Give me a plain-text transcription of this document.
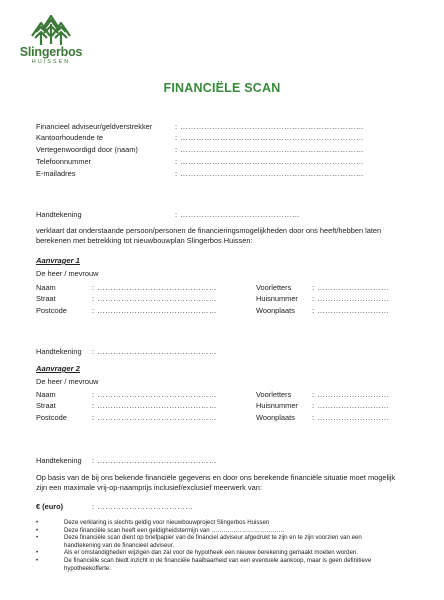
Slingerbos
HUISSEN
FINANCIËLE SCAN
Financieel adviseur/geldverstrekker	: ……………………………………………………………
Kantoorhoudende te	: ……………………………………………………………
Vertegenwoordigd door (naam)	: ……………………………………………………………
Telefoonnummer	: ……………………………………………………………
E-mailadres	: ……………………………………………………………
Handtekening	: ………………………………………
verklaart dat onderstaande persoon/personen de financieringsmogelijkheden door ons heeft/hebben laten berekenen met betrekking tot nieuwbouwplan Slingerbos Huissen:
Aanvrager 1
De heer / mevrouw
Naam	: ………………………………………	Voorletters	: ………………………
Straat	: ………………………………………	Huisnummer : ………………………
Postcode	: ………………………………………	Woonplaats : ………………………
Handtekening : ………………………………………
Aanvrager 2
De heer / mevrouw
Naam	: ………………………………………	Voorletters	: ………………………
Straat	: ………………………………………	Huisnummer : ………………………
Postcode	: ………………………………………	Woonplaats : ………………………
Handtekening : ………………………………………
Op basis van de bij ons bekende financiële gegevens en door ons berekende financiële situatie moet mogelijk zijn een maximale vrij-op-naamprijs inclusief/exclusief meerwerk van:
€ (euro)	: ………………………………
•	Deze verklaring is slechts geldig voor nieuwbouwproject Slingerbos Huissen
•	Deze financiële scan heeft een geldigheidstermijn van ………………………………
•	Deze financiële scan dient op briefpapier van de financiel adviseur afgedrukt te zijn en te zijn voorzien van een handtekening van de financieel adviseur.
•	Als er omstandigheden wijzigen dan zal voor de hypotheek een nieuwe berekening gemaakt moeten worden.
•	De financiële scan biedt inzicht in de financiële haalbaarheid van een eventuele aankoop, maar is geen definitieve hypotheekofferte.
